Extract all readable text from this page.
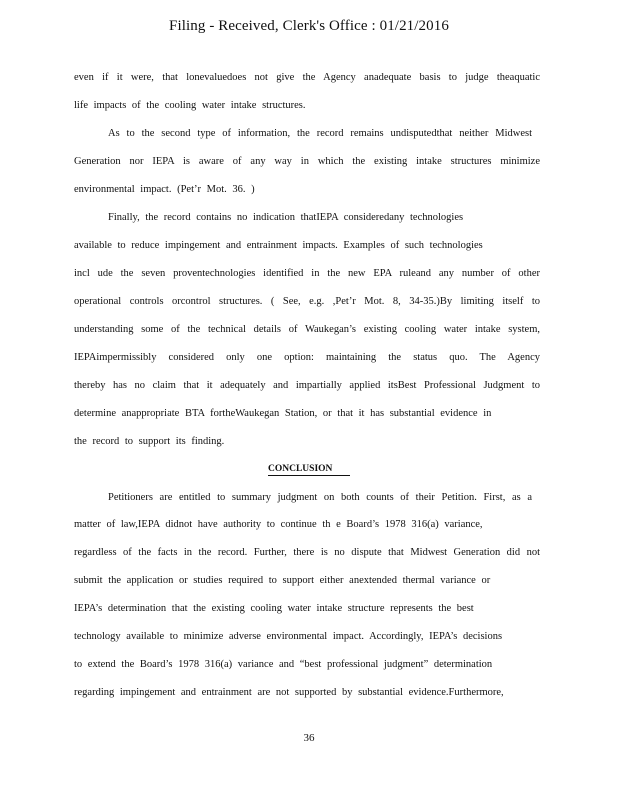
Filing - Received, Clerk's Office : 01/21/2016
even if it were, that lonevaluedoes not give the Agency anadequate basis to judge theaquatic
life impacts of the cooling water intake structures.
As to the second type of information, the record remains undisputedthat neither Midwest
Generation nor IEPA is aware of any way in which the existing intake structures minimize
environmental impact. (Pet’r Mot. 36. )
Finally, the record contains no indication thatIEPA consideredany technologies
available to reduce impingement and entrainment impacts. Examples of such technologies
incl ude the seven proventechnologies identified in the new EPA ruleand any number of other
operational controls orcontrol structures. ( See, e.g. ,Pet’r Mot. 8, 34-35.)By limiting itself to
understanding some of the technical details of Waukegan’s existing cooling water intake system,
IEPAimpermissibly considered only one option: maintaining the status quo. The Agency
thereby has no claim that it adequately and impartially applied itsBest Professional Judgment to
determine anappropriate BTA fortheWaukegan Station, or that it has substantial evidence in
the record to support its finding.
CONCLUSION
Petitioners are entitled to summary judgment on both counts of their Petition. First, as a
matter of law,IEPA didnot have authority to continue th e Board’s 1978 316(a) variance,
regardless of the facts in the record. Further, there is no dispute that Midwest Generation did not
submit the application or studies required to support either anextended thermal variance or
IEPA’s determination that the existing cooling water intake structure represents the best
technology available to minimize adverse environmental impact. Accordingly, IEPA’s decisions
to extend the Board’s 1978 316(a) variance and “best professional judgment” determination
regarding impingement and entrainment are not supported by substantial evidence.Furthermore,
36
